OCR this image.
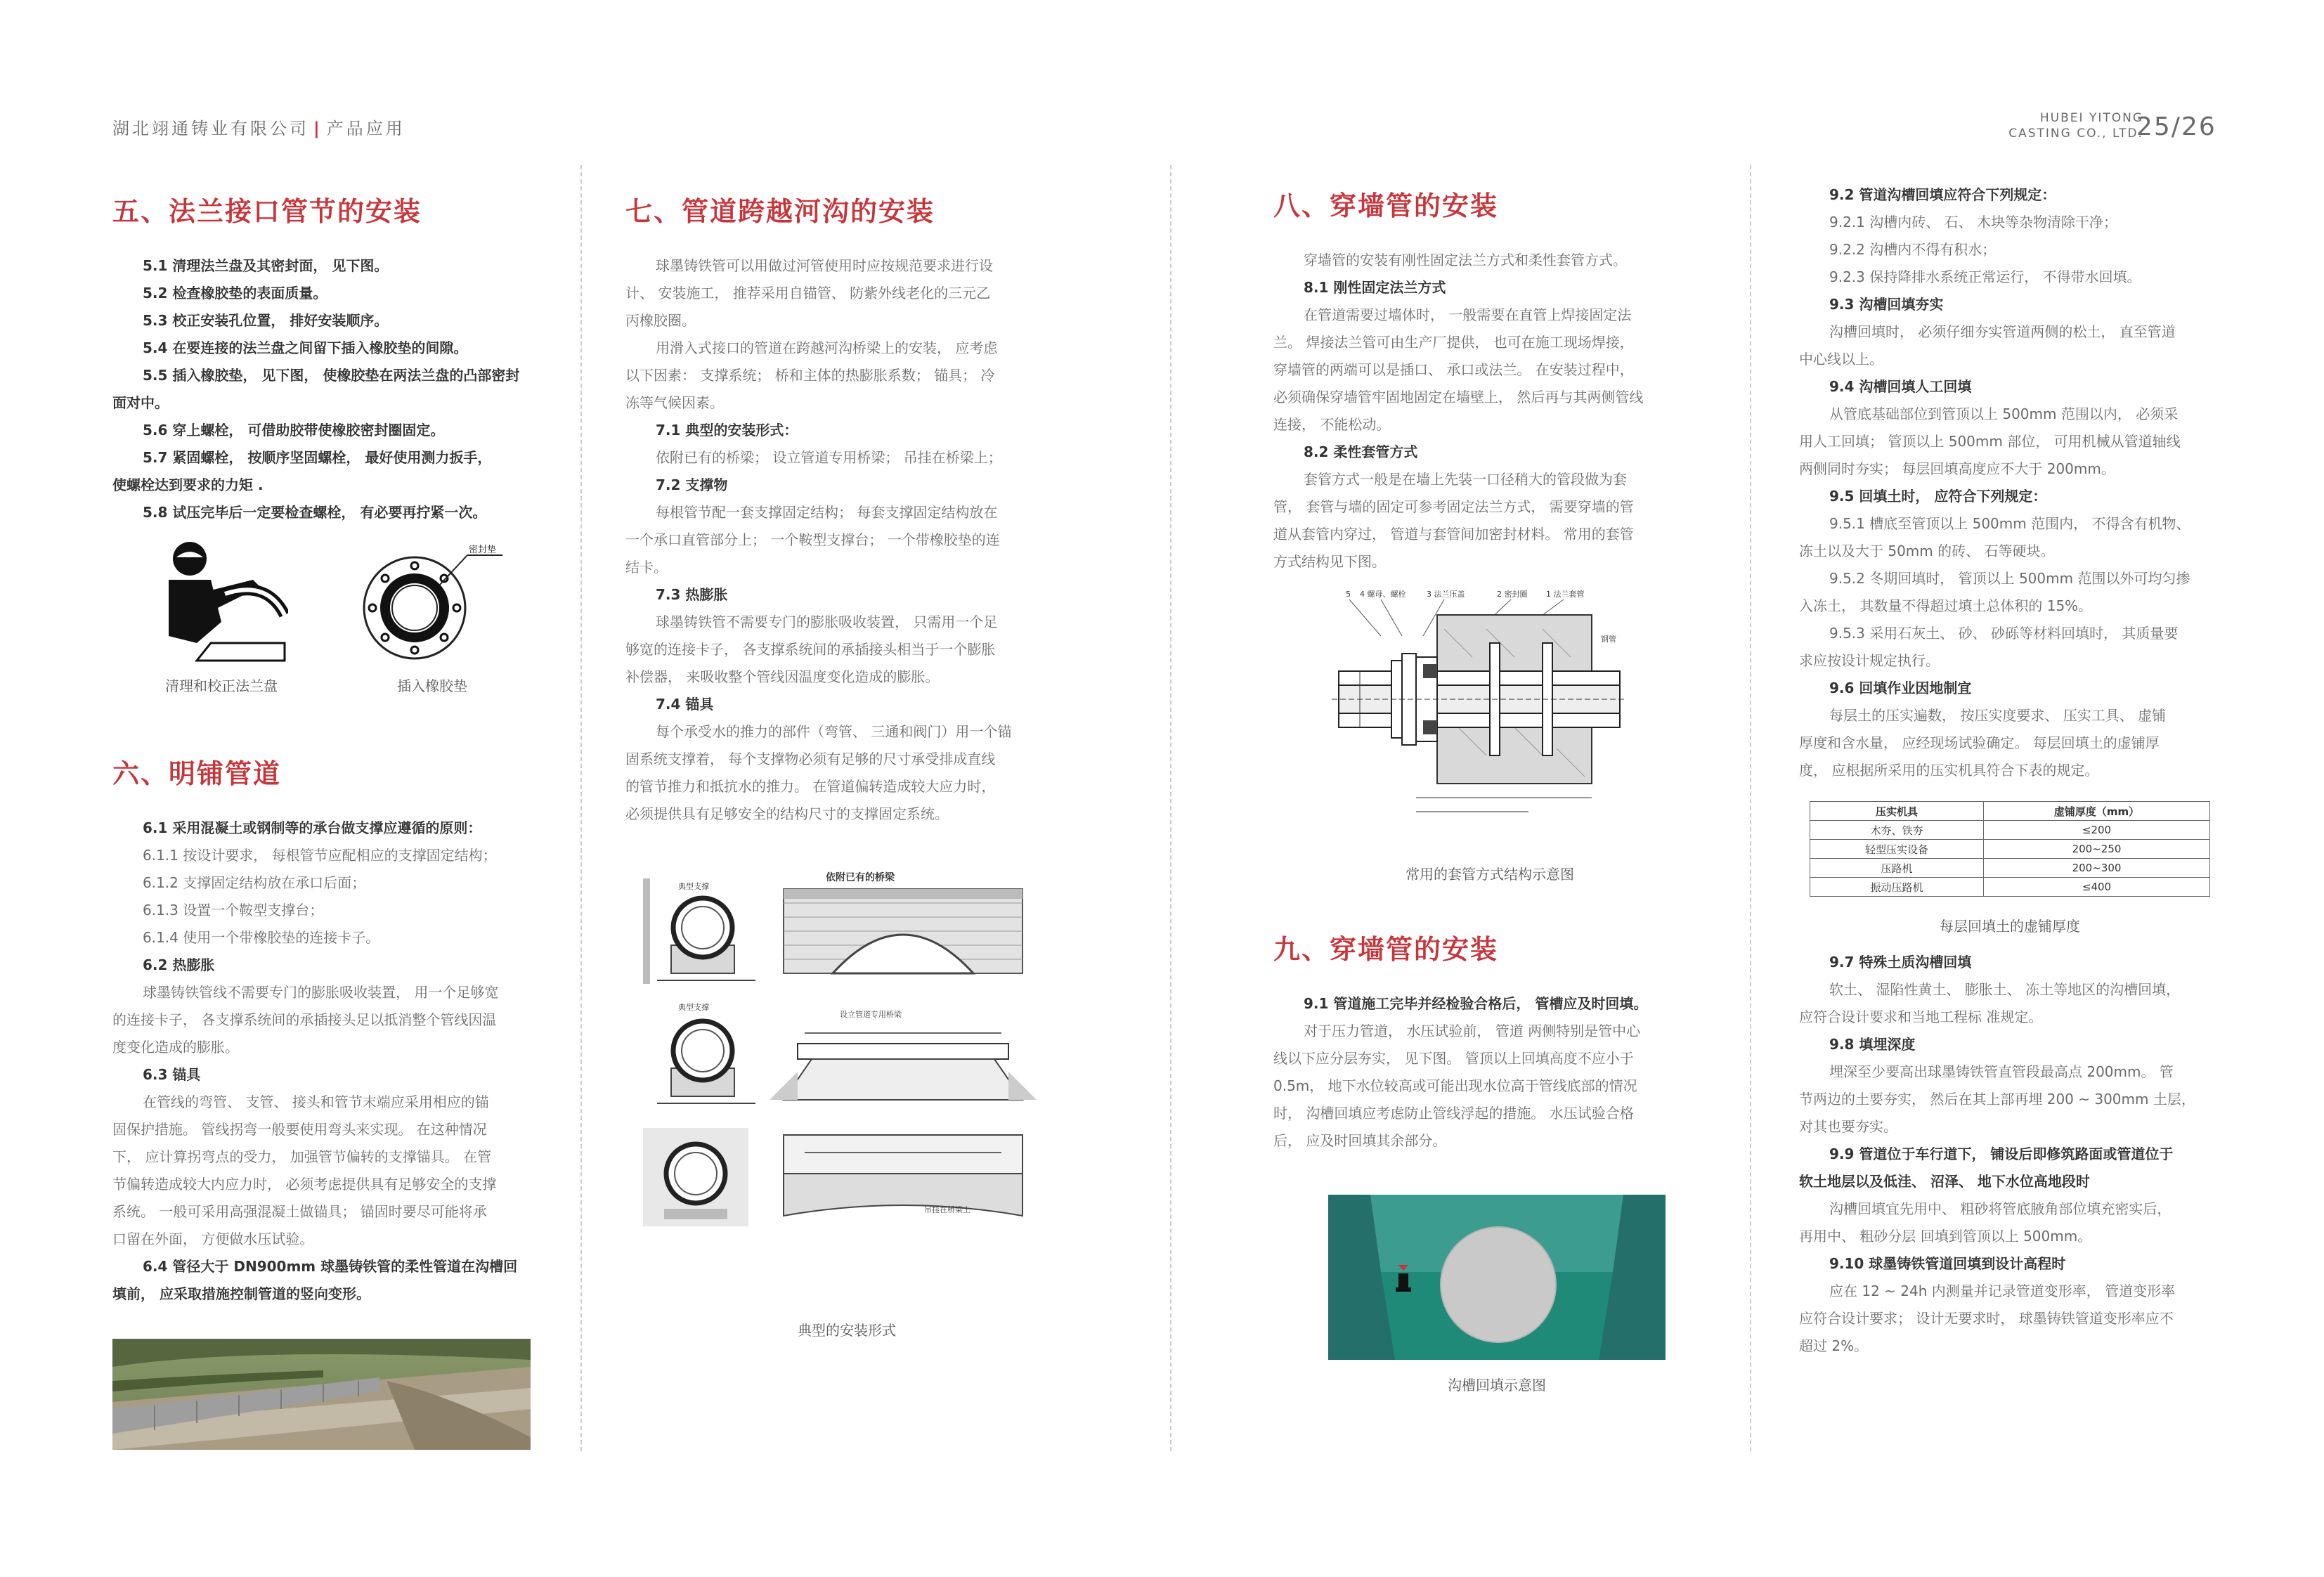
湖北翊通铸业有限公司 | 产品应用
HUBEI YITONG
CASTING CO., LTD.
25/26
五、法兰接口管节的安装

5.1 清理法兰盘及其密封面， 见下图。

5.2 检查橡胶垫的表面质量。

5.3 校正安装孔位置， 排好安装顺序。

5.4 在要连接的法兰盘之间留下插入橡胶垫的间隙。

5.5 插入橡胶垫， 见下图， 使橡胶垫在两法兰盘的凸部密封

面对中。

5.6 穿上螺栓， 可借助胶带使橡胶密封圈固定。

5.7 紧固螺栓， 按顺序坚固螺栓， 最好使用测力扳手，

使螺栓达到要求的力矩 .

5.8 试压完毕后一定要检查螺栓， 有必要再拧紧一次。

清理和校正法兰盘
密封垫
插入橡胶垫
六、明铺管道

6.1 采用混凝土或钢制等的承台做支撑应遵循的原则：

6.1.1 按设计要求， 每根管节应配相应的支撑固定结构；

6.1.2 支撑固定结构放在承口后面；

6.1.3 设置一个鞍型支撑台；

6.1.4 使用一个带橡胶垫的连接卡子。

6.2 热膨胀

球墨铸铁管线不需要专门的膨胀吸收装置， 用一个足够宽

的连接卡子， 各支撑系统间的承插接头足以抵消整个管线因温

度变化造成的膨胀。

6.3 锚具

在管线的弯管、 支管、 接头和管节末端应采用相应的锚

固保护措施。 管线拐弯一般要使用弯头来实现。 在这种情况

下， 应计算拐弯点的受力， 加强管节偏转的支撑锚具。 在管

节偏转造成较大内应力时， 必须考虑提供具有足够安全的支撑

系统。 一般可采用高强混凝土做锚具； 锚固时要尽可能将承

口留在外面， 方便做水压试验。

6.4 管径大于 DN900mm 球墨铸铁管的柔性管道在沟槽回

填前， 应采取措施控制管道的竖向变形。

七、管道跨越河沟的安装

球墨铸铁管可以用做过河管使用时应按规范要求进行设

计、 安装施工， 推荐采用自锚管、 防紫外线老化的三元乙

丙橡胶圈。

用滑入式接口的管道在跨越河沟桥梁上的安装， 应考虑

以下因素： 支撑系统； 桥和主体的热膨胀系数； 锚具； 冷

冻等气候因素。

7.1 典型的安装形式：

依附已有的桥梁； 设立管道专用桥梁； 吊挂在桥梁上；

7.2 支撑物

每根管节配一套支撑固定结构； 每套支撑固定结构放在

一个承口直管部分上； 一个鞍型支撑台； 一个带橡胶垫的连

结卡。

7.3 热膨胀

球墨铸铁管不需要专门的膨胀吸收装置， 只需用一个足

够宽的连接卡子， 各支撑系统间的承插接头相当于一个膨胀

补偿器， 来吸收整个管线因温度变化造成的膨胀。

7.4 锚具

每个承受水的推力的部件（弯管、 三通和阀门）用一个锚

固系统支撑着， 每个支撑物必须有足够的尺寸承受排成直线

的管节推力和抵抗水的推力。 在管道偏转造成较大应力时，

必须提供具有足够安全的结构尺寸的支撑固定系统。

典型支撑
依附已有的桥梁
典型支撑
设立管道专用桥梁
吊挂在桥梁上
典型的安装形式
八、穿墙管的安装

穿墙管的安装有刚性固定法兰方式和柔性套管方式。

8.1 刚性固定法兰方式

在管道需要过墙体时， 一般需要在直管上焊接固定法

兰。 焊接法兰管可由生产厂提供， 也可在施工现场焊接，

穿墙管的两端可以是插口、 承口或法兰。 在安装过程中，

必须确保穿墙管牢固地固定在墙壁上， 然后再与其两侧管线

连接， 不能松动。

8.2 柔性套管方式

套管方式一般是在墙上先装一口径稍大的管段做为套

管， 套管与墙的固定可参考固定法兰方式， 需要穿墙的管

道从套管内穿过， 管道与套管间加密封材料。 常用的套管

方式结构见下图。

5 4 螺母、螺栓	3 法兰压盖	2 密封圈 1 法兰套管
钢管
常用的套管方式结构示意图
九、穿墙管的安装

9.1 管道施工完毕并经检验合格后， 管槽应及时回填。

对于压力管道， 水压试验前， 管道 两侧特别是管中心

线以下应分层夯实， 见下图。 管顶以上回填高度不应小于

0.5m， 地下水位较高或可能出现水位高于管线底部的情况

时， 沟槽回填应考虑防止管线浮起的措施。 水压试验合格

后， 应及时回填其余部分。

沟槽回填示意图

9.2 管道沟槽回填应符合下列规定：

9.2.1 沟槽内砖、 石、 木块等杂物清除干净；

9.2.2 沟槽内不得有积水；

9.2.3 保持降排水系统正常运行， 不得带水回填。

9.3 沟槽回填夯实

沟槽回填时， 必须仔细夯实管道两侧的松土， 直至管道

中心线以上。

9.4 沟槽回填人工回填

从管底基础部位到管顶以上 500mm 范围以内， 必须采

用人工回填； 管顶以上 500mm 部位， 可用机械从管道轴线

两侧同时夯实； 每层回填高度应不大于 200mm。

9.5 回填土时， 应符合下列规定：

9.5.1 槽底至管顶以上 500mm 范围内， 不得含有机物、

冻土以及大于 50mm 的砖、 石等硬块。

9.5.2 冬期回填时， 管顶以上 500mm 范围以外可均匀掺

入冻土， 其数量不得超过填土总体积的 15%。

9.5.3 采用石灰土、 砂、 砂砾等材料回填时， 其质量要

求应按设计规定执行。

9.6 回填作业因地制宜

每层土的压实遍数， 按压实度要求、 压实工具、 虚铺

厚度和含水量， 应经现场试验确定。 每层回填土的虚铺厚

度， 应根据所采用的压实机具符合下表的规定。

压实机具	虚铺厚度（mm）
木夯、铁夯	≤200
轻型压实设备	200~250
压路机	200~300
振动压路机	≤400
每层回填土的虚铺厚度

9.7 特殊土质沟槽回填

软土、 湿陷性黄土、 膨胀土、 冻土等地区的沟槽回填，

应符合设计要求和当地工程标 准规定。

9.8 填埋深度

埋深至少要高出球墨铸铁管直管段最高点 200mm。 管

节两边的土要夯实， 然后在其上部再埋 200 ~ 300mm 土层，

对其也要夯实。

9.9 管道位于车行道下， 铺设后即修筑路面或管道位于

软土地层以及低洼、 沼泽、 地下水位高地段时

沟槽回填宜先用中、 粗砂将管底腋角部位填充密实后，

再用中、 粗砂分层 回填到管顶以上 500mm。

9.10 球墨铸铁管道回填到设计高程时

应在 12 ~ 24h 内测量并记录管道变形率， 管道变形率

应符合设计要求； 设计无要求时， 球墨铸铁管道变形率应不

超过 2%。
